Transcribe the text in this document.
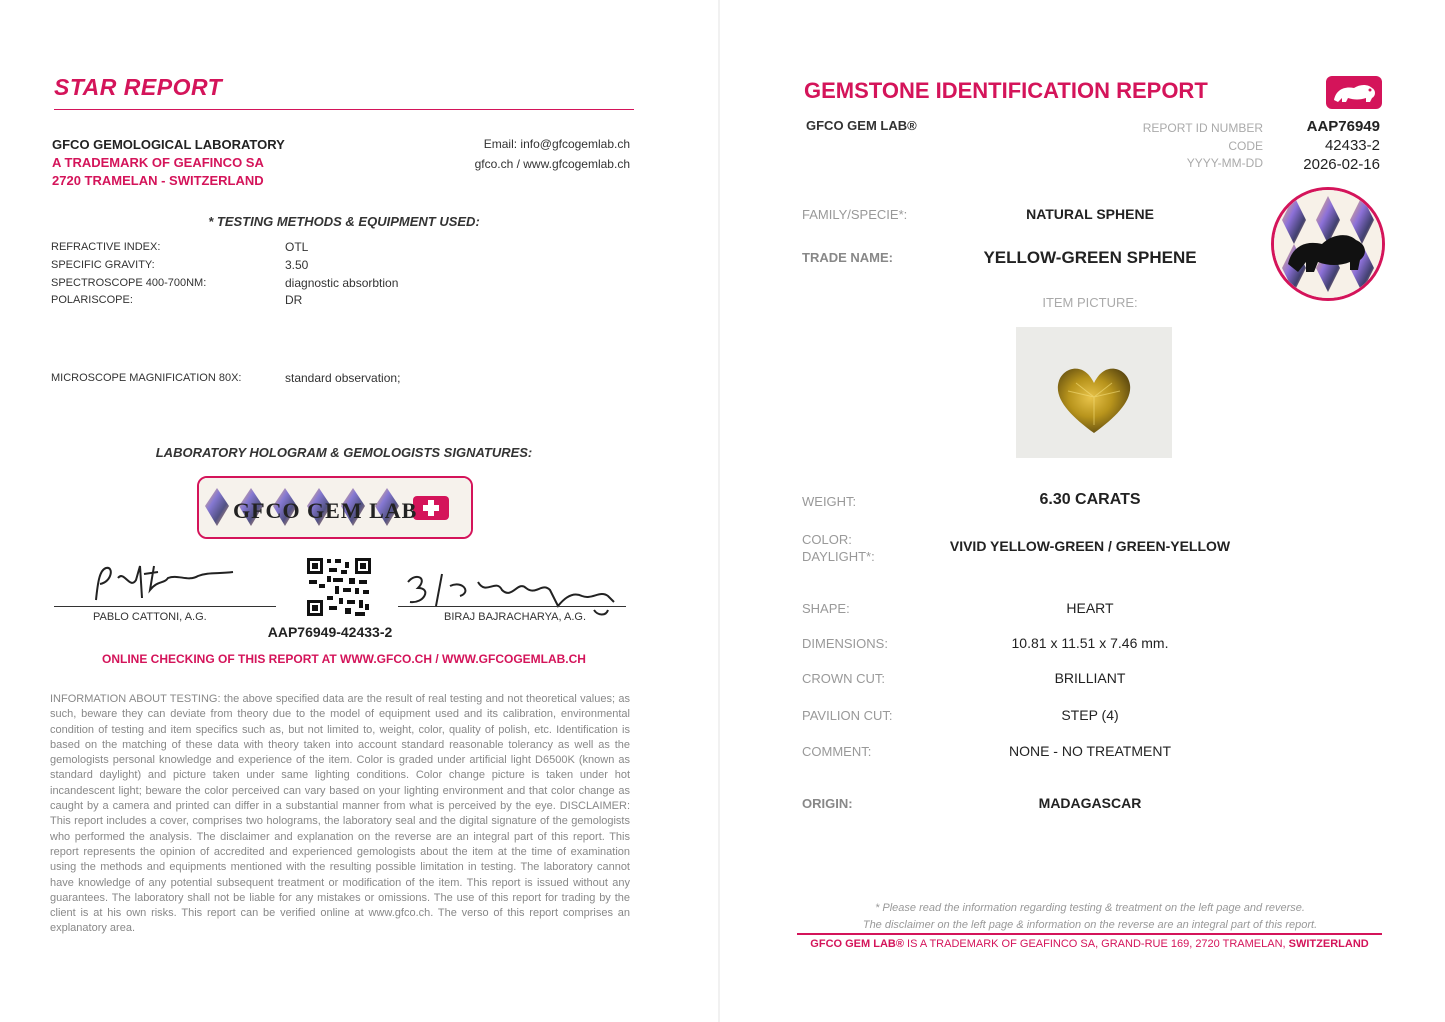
STAR REPORT
GFCO GEMOLOGICAL LABORATORY
A TRADEMARK OF GEAFINCO SA
2720 TRAMELAN - SWITZERLAND
Email: info@gfcogemlab.ch
gfco.ch / www.gfcogemlab.ch
* TESTING METHODS & EQUIPMENT USED:
REFRACTIVE INDEX:	OTL
SPECIFIC GRAVITY:	3.50
SPECTROSCOPE 400-700NM:	diagnostic absorbtion
POLARISCOPE:	DR
MICROSCOPE MAGNIFICATION 80X:	standard observation;
LABORATORY HOLOGRAM & GEMOLOGISTS SIGNATURES:
GFCO GEM LAB
PABLO CATTONI, A.G.	BIRAJ BAJRACHARYA, A.G.
AAP76949-42433-2
ONLINE CHECKING OF THIS REPORT AT WWW.GFCO.CH / WWW.GFCOGEMLAB.CH
INFORMATION ABOUT TESTING: the above specified data are the result of real testing and not theoretical values; as such, beware they can deviate from theory due to the model of equipment used and its calibration, environmental condition of testing and item specifics such as, but not limited to, weight, color, quality of polish, etc. Identification is based on the matching of these data with theory taken into account standard reasonable tolerancy as well as the gemologists personal knowledge and experience of the item. Color is graded under artificial light D6500K (known as standard daylight) and picture taken under same lighting conditions. Color change picture is taken under hot incandescent light; beware the color perceived can vary based on your lighting environment and that color change as caught by a camera and printed can differ in a substantial manner from what is perceived by the eye. DISCLAIMER: This report includes a cover, comprises two holograms, the laboratory seal and the digital signature of the gemologists who performed the analysis. The disclaimer and explanation on the reverse are an integral part of this report. This report represents the opinion of accredited and experienced gemologists about the item at the time of examination using the methods and equipments mentioned with the resulting possible limitation in testing. The laboratory cannot have knowledge of any potential subsequent treatment or modification of the item. This report is issued without any guarantees. The laboratory shall not be liable for any mistakes or omissions. The use of this report for trading by the client is at his own risks. This report can be verified online at www.gfco.ch. The verso of this report comprises an explanatory area.
GEMSTONE IDENTIFICATION REPORT
GFCO GEM LAB®	REPORT ID NUMBER	AAP76949
CODE	42433-2
YYYY-MM-DD	2026-02-16
FAMILY/SPECIE*:	NATURAL SPHENE
TRADE NAME:	YELLOW-GREEN SPHENE
ITEM PICTURE:
WEIGHT:	6.30 CARATS
COLOR:
DAYLIGHT*:
VIVID YELLOW-GREEN / GREEN-YELLOW
SHAPE:	HEART
DIMENSIONS:	10.81 x 11.51 x 7.46 mm.
CROWN CUT:	BRILLIANT
PAVILION CUT:	STEP (4)
COMMENT:	NONE - NO TREATMENT
ORIGIN:	MADAGASCAR
* Please read the information regarding testing & treatment on the left page and reverse.
The disclaimer on the left page & information on the reverse are an integral part of this report.
GFCO GEM LAB® IS A TRADEMARK OF GEAFINCO SA, GRAND-RUE 169, 2720 TRAMELAN, SWITZERLAND
